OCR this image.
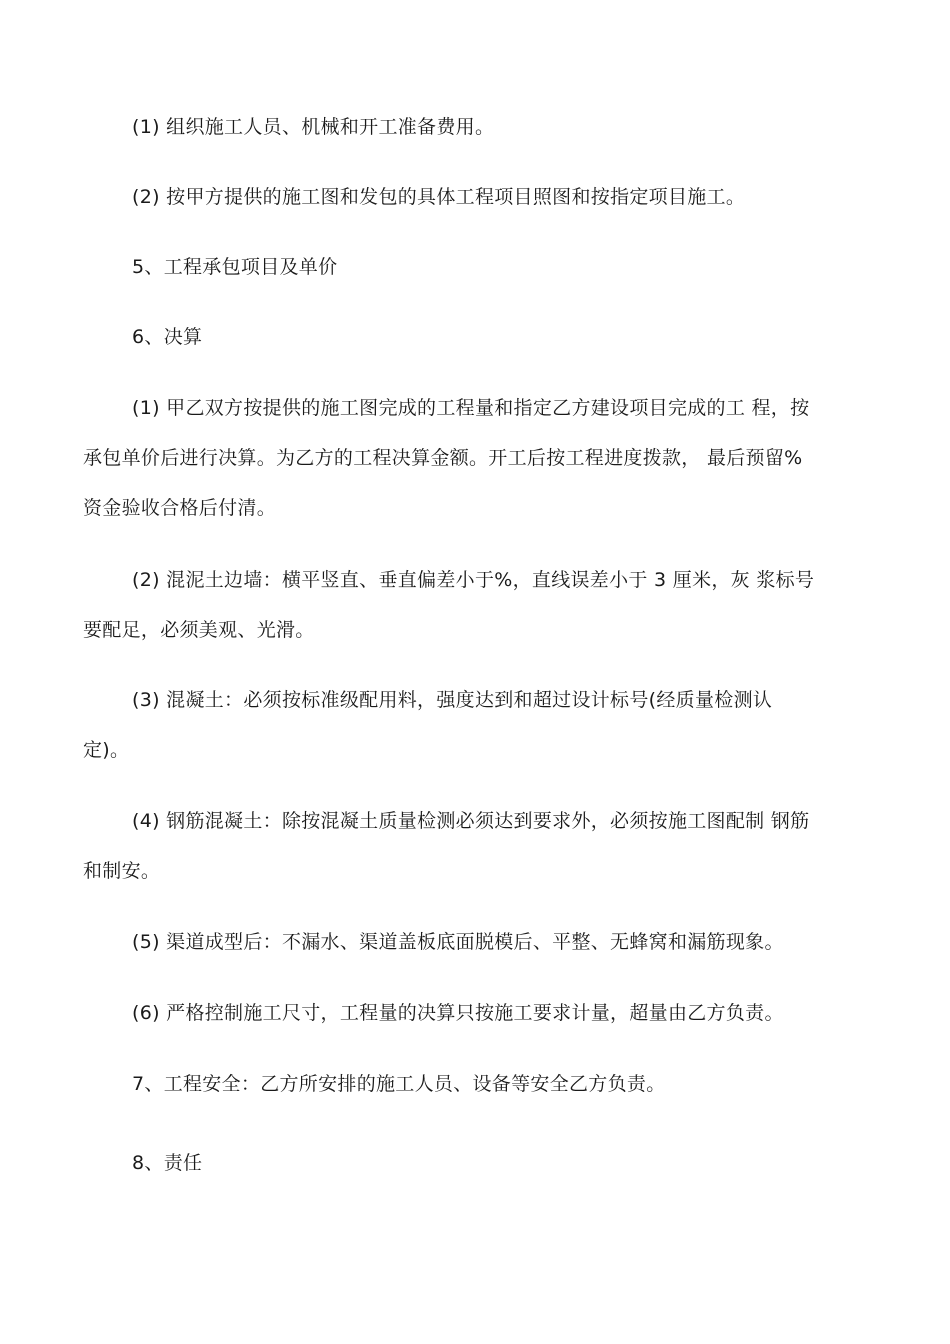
(1) 组织施工人员、机械和开工准备费用。
(2) 按甲方提供的施工图和发包的具体工程项目照图和按指定项目施工。
5、工程承包项目及单价
6、决算
(1) 甲乙双方按提供的施工图完成的工程量和指定乙方建设项目完成的工 程，按
承包单价后进行决算。为乙方的工程决算金额。开工后按工程进度拨款， 最后预留%
资金验收合格后付清。
(2) 混泥土边墙：横平竖直、垂直偏差小于%，直线误差小于 3 厘米，灰 浆标号
要配足，必须美观、光滑。
(3) 混凝土：必须按标准级配用料，强度达到和超过设计标号(经质量检测认
定)。
(4) 钢筋混凝土：除按混凝土质量检测必须达到要求外，必须按施工图配制 钢筋
和制安。
(5) 渠道成型后：不漏水、渠道盖板底面脱模后、平整、无蜂窝和漏筋现象。
(6) 严格控制施工尺寸，工程量的决算只按施工要求计量，超量由乙方负责。
7、工程安全：乙方所安排的施工人员、设备等安全乙方负责。
8、责任
